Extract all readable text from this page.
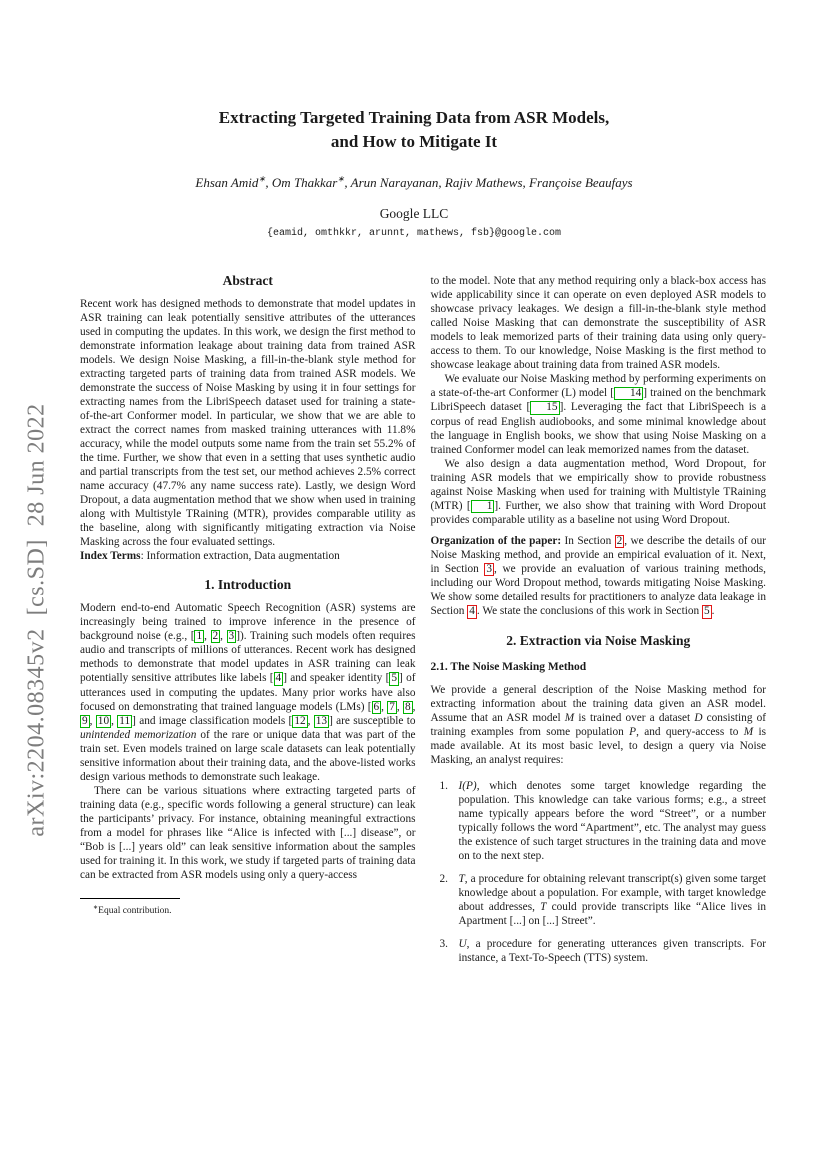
arXiv:2204.08345v2  [cs.SD]  28 Jun 2022
Extracting Targeted Training Data from ASR Models,
and How to Mitigate It
Ehsan Amid∗, Om Thakkar∗, Arun Narayanan, Rajiv Mathews, Françoise Beaufays
Google LLC
{eamid, omthkkr, arunnt, mathews, fsb}@google.com
Abstract

Recent work has designed methods to demonstrate that model updates in ASR training can leak potentially sensitive attributes of the utterances used in computing the updates. In this work, we design the first method to demonstrate information leakage about training data from trained ASR models. We design Noise Masking, a fill-in-the-blank style method for extracting targeted parts of training data from trained ASR models. We demonstrate the success of Noise Masking by using it in four settings for extracting names from the LibriSpeech dataset used for training a state-of-the-art Conformer model. In particular, we show that we are able to extract the correct names from masked training utterances with 11.8% accuracy, while the model outputs some name from the train set 55.2% of the time. Further, we show that even in a setting that uses synthetic audio and partial transcripts from the test set, our method achieves 2.5% correct name accuracy (47.7% any name success rate). Lastly, we design Word Dropout, a data augmentation method that we show when used in training along with Multistyle TRaining (MTR), provides comparable utility as the baseline, along with significantly mitigating extraction via Noise Masking across the four evaluated settings.

Index Terms: Information extraction, Data augmentation

1. Introduction

Modern end-to-end Automatic Speech Recognition (ASR) systems are increasingly being trained to improve inference in the presence of background noise (e.g., [ 1 , 2 , 3 ]). Training such models often requires audio and transcripts of millions of utterances. Recent work has designed methods to demonstrate that model updates in ASR training can leak potentially sensitive attributes like labels [ 4 ] and speaker identity [ 5 ] of utterances used in computing the updates. Many prior works have also focused on demonstrating that trained language models (LMs) [ 6 , 7 , 8 , 9 , 10 , 11 ] and image classification models [ 12 , 13 ] are susceptible to unintended memorization of the rare or unique data that was part of the train set. Even models trained on large scale datasets can leak potentially sensitive information about their training data, and the above-listed works design various methods to demonstrate such leakage.

There can be various situations where extracting targeted parts of training data (e.g., specific words following a general structure) can leak the participants’ privacy. For instance, obtaining meaningful extractions from a model for phrases like “Alice is infected with [...] disease”, or “Bob is [...] years old” can leak sensitive information about the samples used for training it. In this work, we study if targeted parts of training data can be extracted from ASR models using only a query-access

∗Equal contribution.

to the model. Note that any method requiring only a black-box access has wide applicability since it can operate on even deployed ASR models to showcase privacy leakages. We design a fill-in-the-blank style method called Noise Masking that can demonstrate the susceptibility of ASR models to leak memorized parts of their training data using only query-access to them. To our knowledge, Noise Masking is the first method to showcase leakage about training data from trained ASR models.

We evaluate our Noise Masking method by performing experiments on a state-of-the-art Conformer (L) model [ 14 ] trained on the benchmark LibriSpeech dataset [ 15 ]. Leveraging the fact that LibriSpeech is a corpus of read English audiobooks, and some minimal knowledge about the language in English books, we show that using Noise Masking on a trained Conformer model can leak memorized names from the dataset.

We also design a data augmentation method, Word Dropout, for training ASR models that we empirically show to provide robustness against Noise Masking when used for training with Multistyle TRaining (MTR) [ 1 ]. Further, we also show that training with Word Dropout provides comparable utility as a baseline not using Word Dropout.

Organization of the paper: In Section 2 , we describe the details of our Noise Masking method, and provide an empirical evaluation of it. Next, in Section 3 , we provide an evaluation of various training methods, including our Word Dropout method, towards mitigating Noise Masking. We show some detailed results for practitioners to analyze data leakage in Section 4 . We state the conclusions of this work in Section 5 .

2. Extraction via Noise Masking
2.1. The Noise Masking Method

We provide a general description of the Noise Masking method for extracting information about the training data given an ASR model. Assume that an ASR model M is trained over a dataset D consisting of training examples from some population P, and query-access to M is made available. At its most basic level, to design a query via Noise Masking, an analyst requires:

1. I(P), which denotes some target knowledge regarding the population. This knowledge can take various forms; e.g., a street name typically appears before the word “Street”, or a number typically follows the word “Apartment”, etc. The analyst may guess the existence of such target structures in the training data and move on to the next step.
2. T, a procedure for obtaining relevant transcript(s) given some target knowledge about a population. For example, with target knowledge about addresses, T could provide transcripts like “Alice lives in Apartment [...] on [...] Street”.
3. U, a procedure for generating utterances given transcripts. For instance, a Text-To-Speech (TTS) system.
